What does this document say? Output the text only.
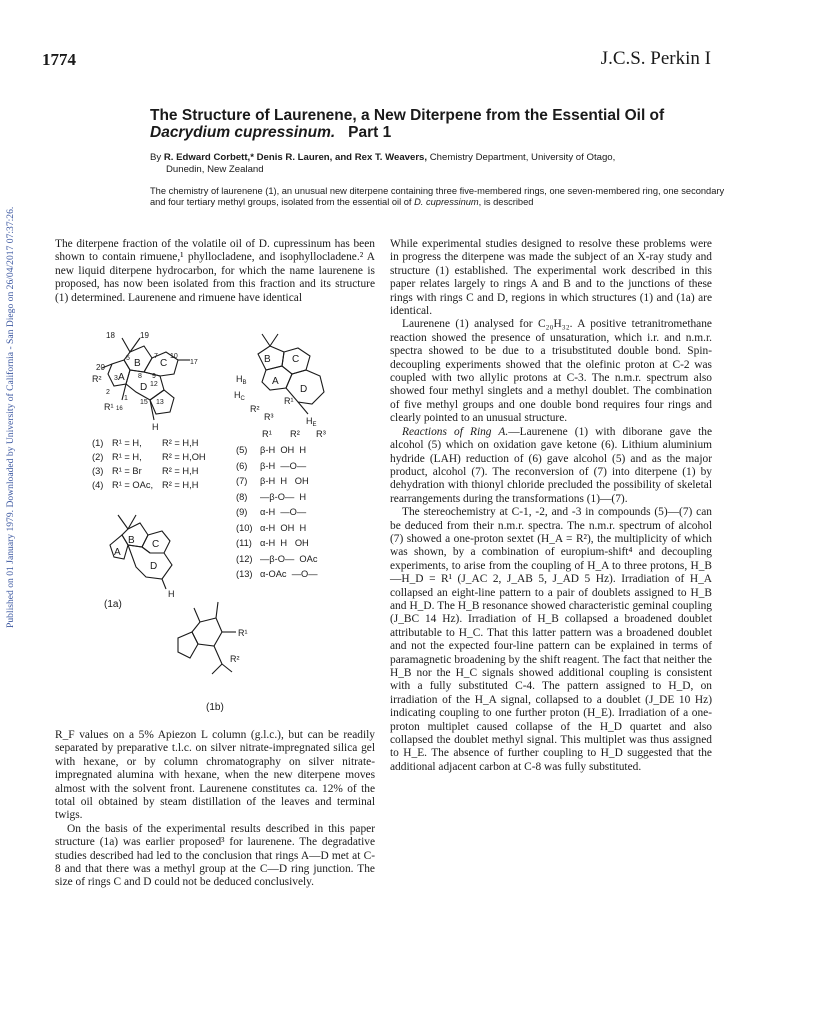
Published on 01 January 1979. Downloaded by University of California - San Diego on 26/04/2017 07:37:26.
1774	J.C.S. Perkin I
The Structure of Laurenene, a New Diterpene from the Essential Oil of
Dacrydium cupressinum. Part 1
By R. Edward Corbett,* Denis R. Lauren, and Rex T. Weavers, Chemistry Department, University of Otago,
Dunedin, New Zealand
The chemistry of laurenene (1), an unusual new diterpene containing three five-membered rings, one seven-membered ring, one secondary and four tertiary methyl groups, isolated from the essential oil of D. cupressinum, is described

The diterpene fraction of the volatile oil of D. cupressinum has been shown to contain rimuene,¹ phyllocladene, and isophyllocladene.² A new liquid diterpene hydrocarbon, for which the name laurenene is proposed, has now been isolated from this fraction and its structure (1) determined. Laurenene and rimuene have identical

18	19
5 B
7
C
10
17
20
R² 3 A 8 9
2	D 12
1
15 13
R¹ 16
H
B C
$H_B$	A
D
$H_C$
R²
R¹
R³	$H_E$
(1) R¹ = H, R² = H,H
(2) R¹ = H, R² = H,OH
(3) R¹ = Br R² = H,H
(4) R¹ = OAc, R² = H,H
R¹ R² R³
(5) β-H  OH  H
(6) β-H  —O—
(7) β-H  H   OH
(8) —β-O—  H
(9) α-H  —O—
(10) α-H  OH  H
(11) α-H  H   OH
(12) —β-O—  OAc
(13) α-OAc  —O—
B C
A
D
H
(1a)
R¹
R²
(1b)

R_F values on a 5% Apiezon L column (g.l.c.), but can be readily separated by preparative t.l.c. on silver nitrate-impregnated silica gel with hexane, or by column chromatography on silver nitrate-impregnated alumina with hexane, when the new diterpene moves almost with the solvent front. Laurenene constitutes ca. 12% of the total oil obtained by steam distillation of the leaves and terminal twigs.

On the basis of the experimental results described in this paper structure (1a) was earlier proposed³ for laurenene. The degradative studies described had led to the conclusion that rings A—D met at C-8 and that there was a methyl group at the C—D ring junction. The size of rings C and D could not be deduced conclusively.

While experimental studies designed to resolve these problems were in progress the diterpene was made the subject of an X-ray study and structure (1) established. The experimental work described in this paper relates largely to rings A and B and to the junctions of these rings with rings C and D, regions in which structures (1) and (1a) are identical.

Laurenene (1) analysed for C₂₀H₃₂. A positive tetranitromethane reaction showed the presence of unsaturation, which i.r. and n.m.r. spectra showed to be due to a trisubstituted double bond. Spin-decoupling experiments showed that the olefinic proton at C-2 was coupled with two allylic protons at C-3. The n.m.r. spectrum also showed four methyl singlets and a methyl doublet. The combination of five methyl groups and one double bond requires four rings and clearly pointed to an unusual structure.

Reactions of Ring A.—Laurenene (1) with diborane gave the alcohol (5) which on oxidation gave ketone (6). Lithium aluminium hydride (LAH) reduction of (6) gave alcohol (5) and as the major product, alcohol (7). The reconversion of (7) into diterpene (1) by dehydration with thionyl chloride precluded the possibility of skeletal rearrangements during the transformations (1)—(7).

The stereochemistry at C-1, -2, and -3 in compounds (5)—(7) can be deduced from their n.m.r. spectra. The n.m.r. spectrum of alcohol (7) showed a one-proton sextet (H_A = R²), the multiplicity of which was shown, by a combination of europium-shift⁴ and decoupling experiments, to arise from the coupling of H_A to three protons, H_B—H_D = R¹ (J_AC 2, J_AB 5, J_AD 5 Hz). Irradiation of H_A collapsed an eight-line pattern to a pair of doublets assigned to H_B and H_D. The H_B resonance showed characteristic geminal coupling (J_BC 14 Hz). Irradiation of H_B collapsed a broadened doublet attributable to H_C. That this latter pattern was a broadened doublet and not the expected four-line pattern can be explained in terms of paramagnetic broadening by the shift reagent. The fact that neither the H_B nor the H_C signals showed additional coupling is consistent with a fully substituted C-4. The pattern assigned to H_D, on irradiation of the H_A signal, collapsed to a doublet (J_DE 10 Hz) indicating coupling to one further proton (H_E). Irradiation of a one-proton multiplet caused collapse of the H_D quartet and also collapsed the doublet methyl signal. This multiplet was thus assigned to H_E. The absence of further coupling to H_D suggested that the additional adjacent carbon at C-8 was fully substituted.
